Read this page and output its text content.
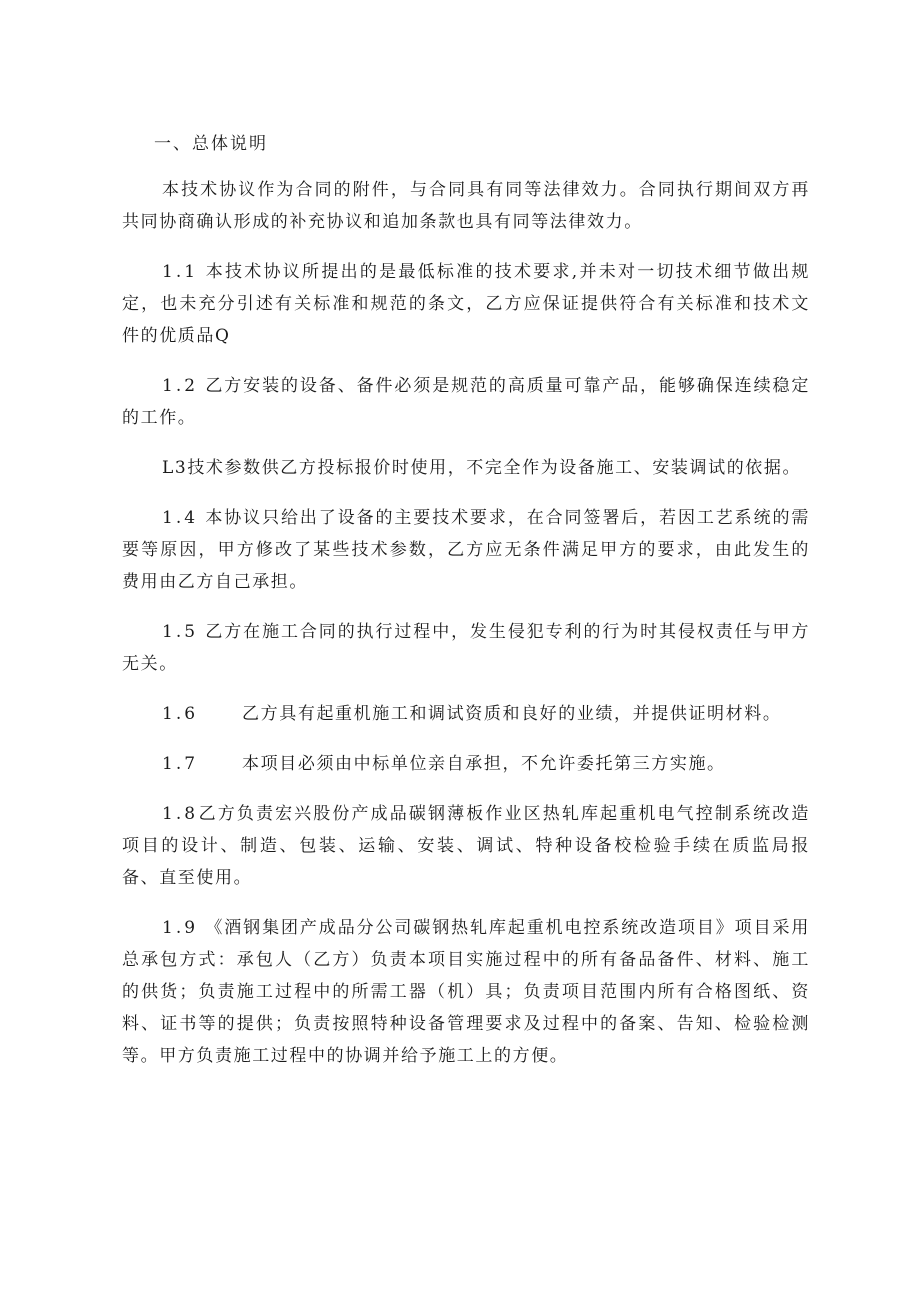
一、总体说明

本技术协议作为合同的附件，与合同具有同等法律效力。合同执行期间双方再共同协商确认形成的补充协议和追加条款也具有同等法律效力。

1.1 本技术协议所提出的是最低标准的技术要求,并未对一切技术细节做出规定，也未充分引述有关标准和规范的条文，乙方应保证提供符合有关标准和技术文件的优质品Q

1.2 乙方安装的设备、备件必须是规范的高质量可靠产品，能够确保连续稳定的工作。

L3技术参数供乙方投标报价时使用，不完全作为设备施工、安装调试的依据。

1.4 本协议只给出了设备的主要技术要求，在合同签署后，若因工艺系统的需要等原因，甲方修改了某些技术参数，乙方应无条件满足甲方的要求，由此发生的费用由乙方自己承担。

1.5 乙方在施工合同的执行过程中，发生侵犯专利的行为时其侵权责任与甲方无关。

1.6	乙方具有起重机施工和调试资质和良好的业绩，并提供证明材料。

1.7	本项目必须由中标单位亲自承担，不允许委托第三方实施。

1.8乙方负责宏兴股份产成品碳钢薄板作业区热轧库起重机电气控制系统改造项目的设计、制造、包装、运输、安装、调试、特种设备校检验手续在质监局报备、直至使用。

1.9 《酒钢集团产成品分公司碳钢热轧库起重机电控系统改造项目》项目采用总承包方式：承包人（乙方）负责本项目实施过程中的所有备品备件、材料、施工的供货；负责施工过程中的所需工器（机）具；负责项目范围内所有合格图纸、资料、证书等的提供；负责按照特种设备管理要求及过程中的备案、告知、检验检测等。甲方负责施工过程中的协调并给予施工上的方便。
